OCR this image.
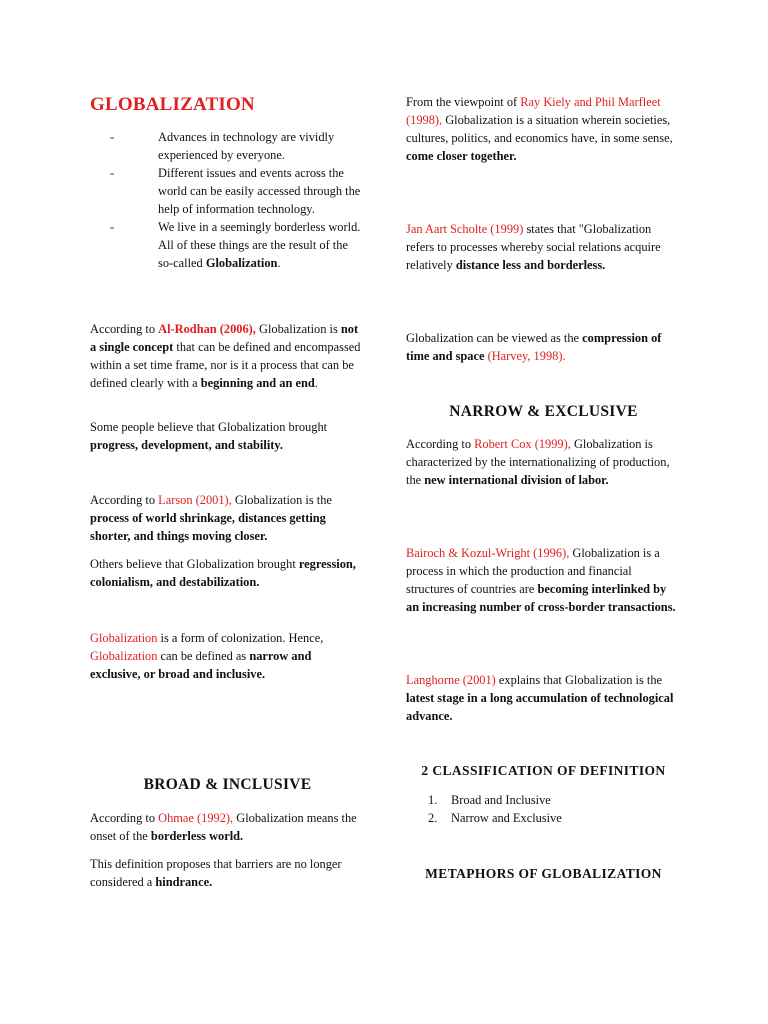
GLOBALIZATION
- Advances in technology are vividly experienced by everyone.
- Different issues and events across the world can be easily accessed through the help of information technology.
- We live in a seemingly borderless world. All of these things are the result of the so-called Globalization.

According to Al-Rodhan (2006), Globalization is not a single concept that can be defined and encompassed within a set time frame, nor is it a process that can be defined clearly with a beginning and an end.

Some people believe that Globalization brought progress, development, and stability.

According to Larson (2001), Globalization is the process of world shrinkage, distances getting shorter, and things moving closer.

Others believe that Globalization brought regression, colonialism, and destabilization.

Globalization is a form of colonization. Hence, Globalization can be defined as narrow and exclusive, or broad and inclusive.

BROAD & INCLUSIVE

According to Ohmae (1992), Globalization means the onset of the borderless world.

This definition proposes that barriers are no longer considered a hindrance.

From the viewpoint of Ray Kiely and Phil Marfleet (1998), Globalization is a situation wherein societies, cultures, politics, and economics have, in some sense, come closer together.

Jan Aart Scholte (1999) states that "Globalization refers to processes whereby social relations acquire relatively distance less and borderless.

Globalization can be viewed as the compression of time and space (Harvey, 1998).

NARROW & EXCLUSIVE

According to Robert Cox (1999), Globalization is characterized by the internationalizing of production, the new international division of labor.

Bairoch & Kozul-Wright (1996), Globalization is a process in which the production and financial structures of countries are becoming interlinked by an increasing number of cross-border transactions.

Langhorne (2001) explains that Globalization is the latest stage in a long accumulation of technological advance.

2 CLASSIFICATION OF DEFINITION
1. Broad and Inclusive
2. Narrow and Exclusive
METAPHORS OF GLOBALIZATION
